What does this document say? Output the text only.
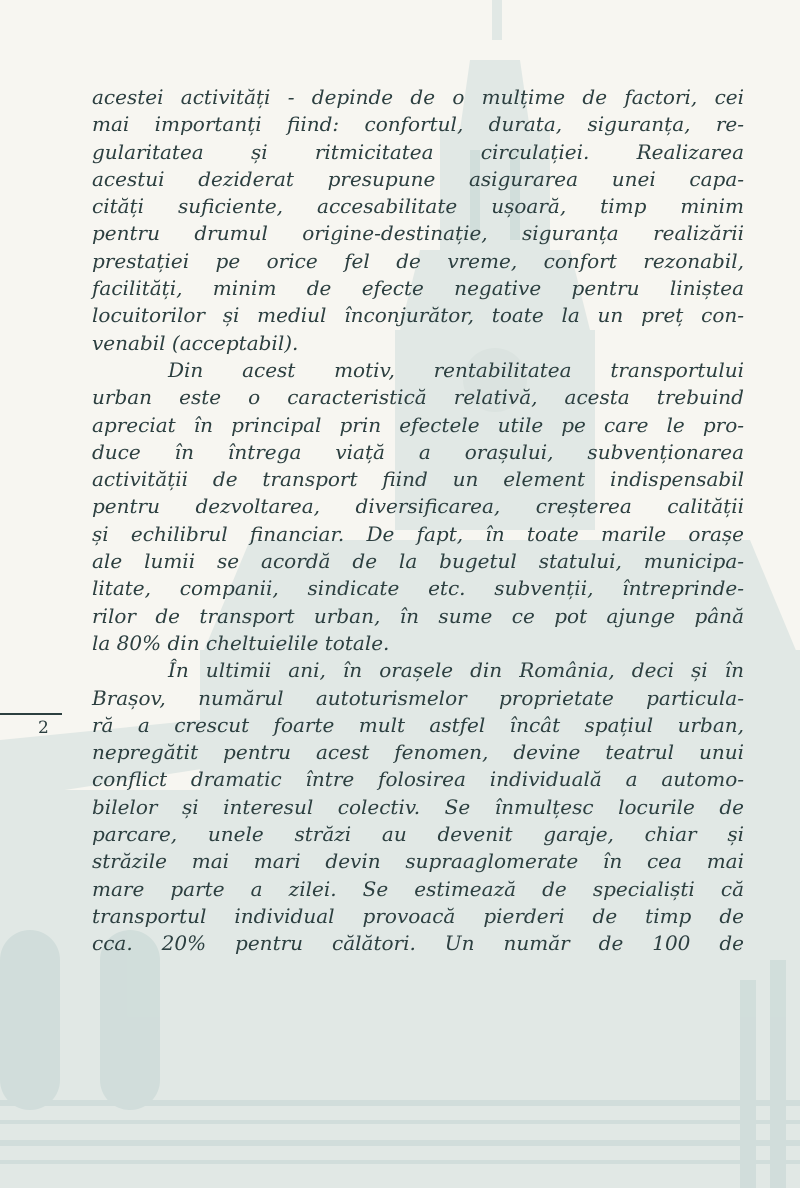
2
acestei activități - depinde de o mulțime de factori, cei
mai importanți fiind: confortul, durata, siguranța, re-
gularitatea și ritmicitatea circulației. Realizarea
acestui deziderat presupune asigurarea unei capa-
cități suficiente, accesabilitate ușoară, timp minim
pentru drumul origine-destinație, siguranța realizării
prestației pe orice fel de vreme, confort rezonabil,
facilități, minim de efecte negative pentru liniștea
locuitorilor și mediul înconjurător, toate la un preț con-
venabil (acceptabil).
Din acest motiv, rentabilitatea transportului
urban este o caracteristică relativă, acesta trebuind
apreciat în principal prin efectele utile pe care le pro-
duce în întrega viață a orașului, subvenționarea
activității de transport fiind un element indispensabil
pentru dezvoltarea, diversificarea, creșterea calității
și echilibrul financiar. De fapt, în toate marile orașe
ale lumii se acordă de la bugetul statului, municipa-
litate, companii, sindicate etc. subvenții, întreprinde-
rilor de transport urban, în sume ce pot ajunge până
la 80% din cheltuielile totale.
În ultimii ani, în orașele din România, deci și în
Brașov, numărul autoturismelor proprietate particula-
ră a crescut foarte mult astfel încât spațiul urban,
nepregătit pentru acest fenomen, devine teatrul unui
conflict dramatic între folosirea individuală a automo-
bilelor și interesul colectiv. Se înmulțesc locurile de
parcare, unele străzi au devenit garaje, chiar și
străzile mai mari devin supraaglomerate în cea mai
mare parte a zilei. Se estimează de specialiști că
transportul individual provoacă pierderi de timp de
cca. 20% pentru călători. Un număr de 100 de
